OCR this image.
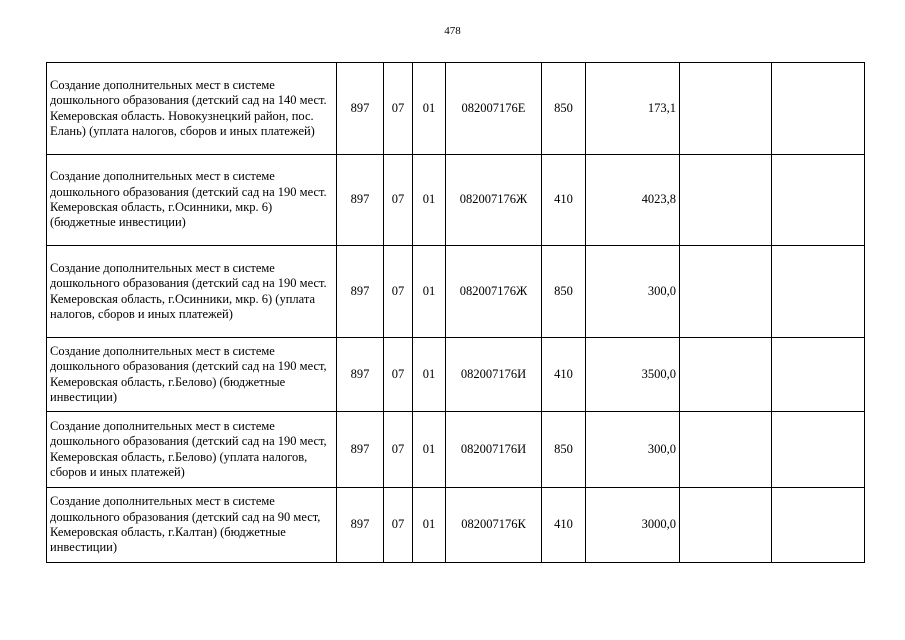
478
Создание дополнительных мест в системе дошкольного образования (детский сад на 140 мест. Кемеровская область. Новокузнецкий район, пос. Елань) (уплата налогов, сборов и иных платежей)	897	07	01	082007176Е	850	173,1		
Создание дополнительных мест в системе дошкольного образования (детский сад на 190 мест. Кемеровская область, г.Осинники, мкр. 6) (бюджетные инвестиции)	897	07	01	082007176Ж	410	4023,8		
Создание дополнительных мест в системе дошкольного образования (детский сад на 190 мест. Кемеровская область, г.Осинники, мкр. 6) (уплата налогов, сборов и иных платежей)	897	07	01	082007176Ж	850	300,0		
Создание дополнительных мест в системе дошкольного образования (детский сад на 190 мест, Кемеровская область, г.Белово) (бюджетные инвестиции)	897	07	01	082007176И	410	3500,0		
Создание дополнительных мест в системе дошкольного образования (детский сад на 190 мест, Кемеровская область, г.Белово) (уплата налогов, сборов и иных платежей)	897	07	01	082007176И	850	300,0		
Создание дополнительных мест в системе дошкольного образования (детский сад на 90 мест, Кемеровская область, г.Калтан) (бюджетные инвестиции)	897	07	01	082007176К	410	3000,0		
